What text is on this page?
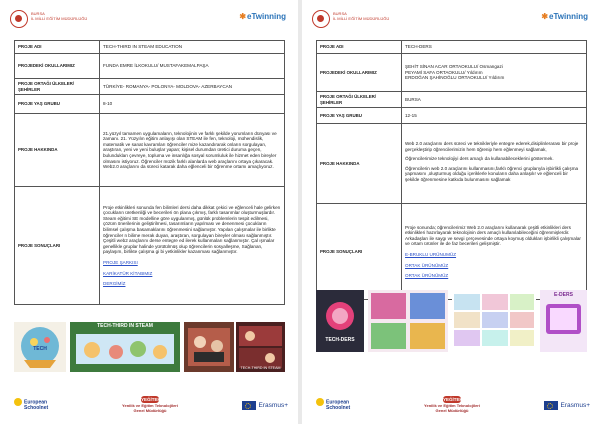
BURSA
İL MİLLİ EĞİTİM MÜDÜRLÜĞÜ	✱eTwinning
PROJE ADI	TECH-THIRD IN STEAM EDUCATION
PROJEDEKİ OKULLARIMIZ	FUNDA EMRE İLKOKULU/ MUSTAFAKEMALPAŞA
PROJE ORTAĞI ÜLKELER/ŞEHİRLER	TÜRKİYE- ROMANYA- POLONYA- MOLDOVA- AZERBAYCAN
PROJE YAŞ GRUBU	8-10
PROJE HAKKINDA	21.yüzyıl tamamen uygulamaların, teknolojinin ve farklı şekilde yorumların dünyası ve zamanı. 21. Yüzyılın eğitim anlayışı olan STEAM ile fen, teknoloji, mühendislik, matematik ve sanat kavramları öğrenciler mize kazandırarak onların sorgulayan, araştıran, yeni ve yeni buluşlar yapan; kişisel durumdan üretici duruma geçen, bulundukları çevreye, topluma ve insanlığa sosyal sorumluluk ile hizmet eden bireyler olmasını istiyoruz. Öğrenciler müzik farklı alanlarda web araçlarını ortaya çıkaracak. Web2.0 araçlarını da süreci katarak daha eğlenceli bir öğrenme ortamı amaçlıyoruz.
PROJE SONUÇLARI	Proje etkinlikleri sonunda fen bilimleri dersi daha dikkat çekici ve eğlenceli hale gelirken çocukların üretkenliği ve becerileri ön plana çıkmış, farklı tasarımlar oluşturmuşlardır. Steam eğitimi SE modelline göre uygulanmış, günlük problemlerin tespit edilmesi, çözüm önerilerinin geliştirilmesi, tasarımların yapılması ve denenmesi çocukların bilimsel çalışma basamaklarını öğrenmesini sağlamıştır. Yapılan çalışmalar ile birlikte öğrenciler n bilime merak duyan, araştıran, sorgulayan bireyler olması sağlanmıştır. Çeşitli web2 araçlarını derse entegre ed ilerek kullanmaları sağlanmıştır. Çal ışmalar genellikle gruplar halinde yürütülmüş olup öğrencilerin sosyalleşme, Sağlanan, paylaşım, birlikte çalışma gi bi yetkinlikler kazanması sağlanmıştır.
PROJE ŞARKISI
KARİKATÜR KİTABIMIZ
DERGİMİZ
TECH
TECH-THIRD IN STEAM
TECH-THIRD IN STEAM
European
Schoolnet
YEĞİTEK
Yenilik ve Eğitim Teknolojileri
Genel Müdürlüğü
Erasmus+
BURSA
İL MİLLİ EĞİTİM MÜDÜRLÜĞÜ	✱eTwinning
PROJE ADI	TECH-DERS
PROJEDEKİ OKULLARIMIZ	ŞEHİT SİNAN ACAR ORTAOKULU/ Osmangazi
PEYAMİ SAFA ORTAOKULU/ Yıldırım
ERDOĞAN ŞAHİNOĞLU ORTAOKULU/ Yıldırım

PROJE ORTAĞI ÜLKELER/ŞEHİRLER	BURSA
PROJE YAŞ GRUBU	12-15
PROJE HAKKINDA	Web 2.0 araçlarını ders süreci ve teknikleriyle entegre ederek,disiplinlerarası bir proje gerçekleştirip öğrencilerimizin hem öğrenip hem eğlenmeyi sağlamak,
Öğrencilerimize teknolojiyi ders amaçlı da kullanabileceklerini göstermek.
Öğrencilerin web 2.0 araçlarını kullanmasını,farklı öğrenci gruplarıyla işbirlikli çalışma yapmasını ,oluşturmuş olduğu içeriklerle konuların daha anlaşılır ve eğlenceli bir şekilde öğrenmesine katkıda bulunmasını sağlamak

PROJE SONUÇLARI	Proje sonunda; öğrencilerimiz Web 2.0 araçlarını kullanarak çeşitli etkinlikleri ders etkinlikleri hazırlayarak teknolojinin ders amaçlı kullanılabileceğini öğrenmişlerdir. Arkadaşları ile saygı ve sevgi çerçevesinde ortaya koymuş oldukları işbirlikli çalışmalar ve ortam ürünler ile de faz becerileri gelişmiştir.
E-BRUKLU URÜNUMÜZ
ORTAK ÜRÜNÜMÜZ
ORTAK ÜRÜNÜMÜZ
TECH-DERS
E-DERS
European
Schoolnet
YEĞİTEK
Yenilik ve Eğitim Teknolojileri
Genel Müdürlüğü
Erasmus+
